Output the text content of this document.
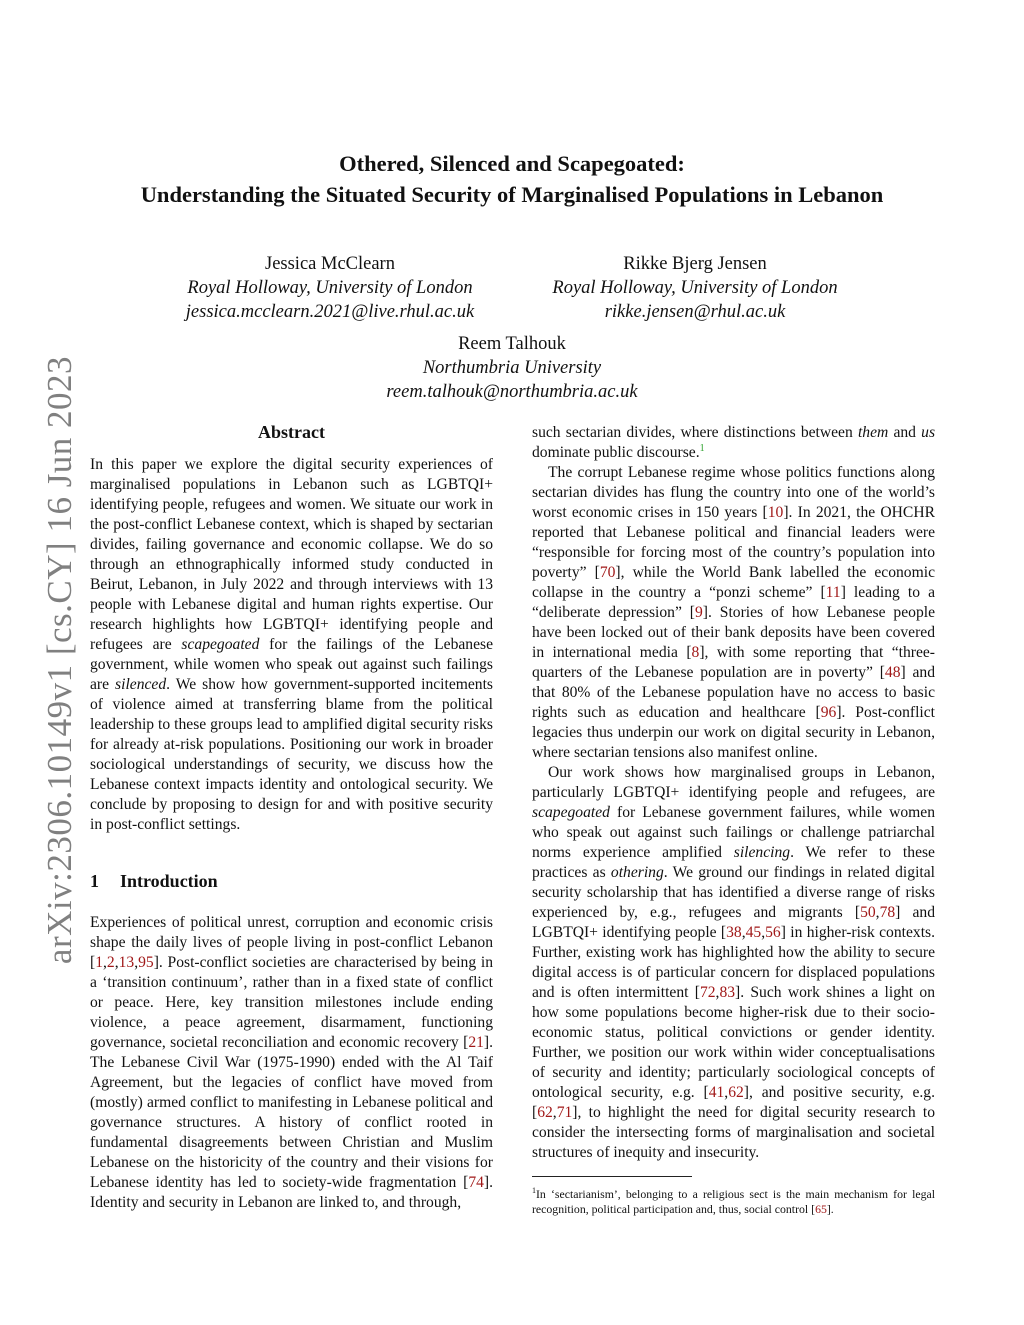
arXiv:2306.10149v1 [cs.CY] 16 Jun 2023
Othered, Silenced and Scapegoated:
Understanding the Situated Security of Marginalised Populations in Lebanon
Jessica McClearn
Royal Holloway, University of London
jessica.mcclearn.2021@live.rhul.ac.uk
Rikke Bjerg Jensen
Royal Holloway, University of London
rikke.jensen@rhul.ac.uk
Reem Talhouk
Northumbria University
reem.talhouk@northumbria.ac.uk
Abstract

In this paper we explore the digital security experiences of marginalised populations in Lebanon such as LGBTQI+ identifying people, refugees and women. We situate our work in the post-conflict Lebanese context, which is shaped by sectarian divides, failing governance and economic collapse. We do so through an ethnographically informed study conducted in Beirut, Lebanon, in July 2022 and through interviews with 13 people with Lebanese digital and human rights expertise. Our research highlights how LGBTQI+ identifying people and refugees are scapegoated for the failings of the Lebanese government, while women who speak out against such failings are silenced. We show how government-supported incitements of violence aimed at transferring blame from the political leadership to these groups lead to amplified digital security risks for already at-risk populations. Positioning our work in broader sociological understandings of security, we discuss how the Lebanese context impacts identity and ontological security. We conclude by proposing to design for and with positive security in post-conflict settings.

1 Introduction

Experiences of political unrest, corruption and economic crisis shape the daily lives of people living in post-conflict Lebanon [1,2,13,95]. Post-conflict societies are characterised by being in a ‘transition continuum’, rather than in a fixed state of conflict or peace. Here, key transition milestones include ending violence, a peace agreement, disarmament, functioning governance, societal reconciliation and economic recovery [21]. The Lebanese Civil War (1975-1990) ended with the Al Taif Agreement, but the legacies of conflict have moved from (mostly) armed conflict to manifesting in Lebanese political and governance structures. A history of conflict rooted in fundamental disagreements between Christian and Muslim Lebanese on the historicity of the country and their visions for Lebanese identity has led to society-wide fragmentation [74]. Identity and security in Lebanon are linked to, and through,

such sectarian divides, where distinctions between them and us dominate public discourse.$^1$

The corrupt Lebanese regime whose politics functions along sectarian divides has flung the country into one of the world’s worst economic crises in 150 years [10]. In 2021, the OHCHR reported that Lebanese political and financial leaders were “responsible for forcing most of the country’s population into poverty” [70], while the World Bank labelled the economic collapse in the country a “ponzi scheme” [11] leading to a “deliberate depression” [9]. Stories of how Lebanese people have been locked out of their bank deposits have been covered in international media [8], with some reporting that “three-quarters of the Lebanese population are in poverty” [48] and that 80% of the Lebanese population have no access to basic rights such as education and healthcare [96]. Post-conflict legacies thus underpin our work on digital security in Lebanon, where sectarian tensions also manifest online.

Our work shows how marginalised groups in Lebanon, particularly LGBTQI+ identifying people and refugees, are scapegoated for Lebanese government failures, while women who speak out against such failings or challenge patriarchal norms experience amplified silencing. We refer to these practices as othering. We ground our findings in related digital security scholarship that has identified a diverse range of risks experienced by, e.g., refugees and migrants [50,78] and LGBTQI+ identifying people [38,45,56] in higher-risk contexts. Further, existing work has highlighted how the ability to secure digital access is of particular concern for displaced populations and is often intermittent [72,83]. Such work shines a light on how some populations become higher-risk due to their socio-economic status, political convictions or gender identity. Further, we position our work within wider conceptualisations of security and identity; particularly sociological concepts of ontological security, e.g. [41,62], and positive security, e.g. [62,71], to highlight the need for digital security research to consider the intersecting forms of marginalisation and societal structures of inequity and insecurity.

$^1$In ‘sectarianism’, belonging to a religious sect is the main mechanism for legal recognition, political participation and, thus, social control [65].
